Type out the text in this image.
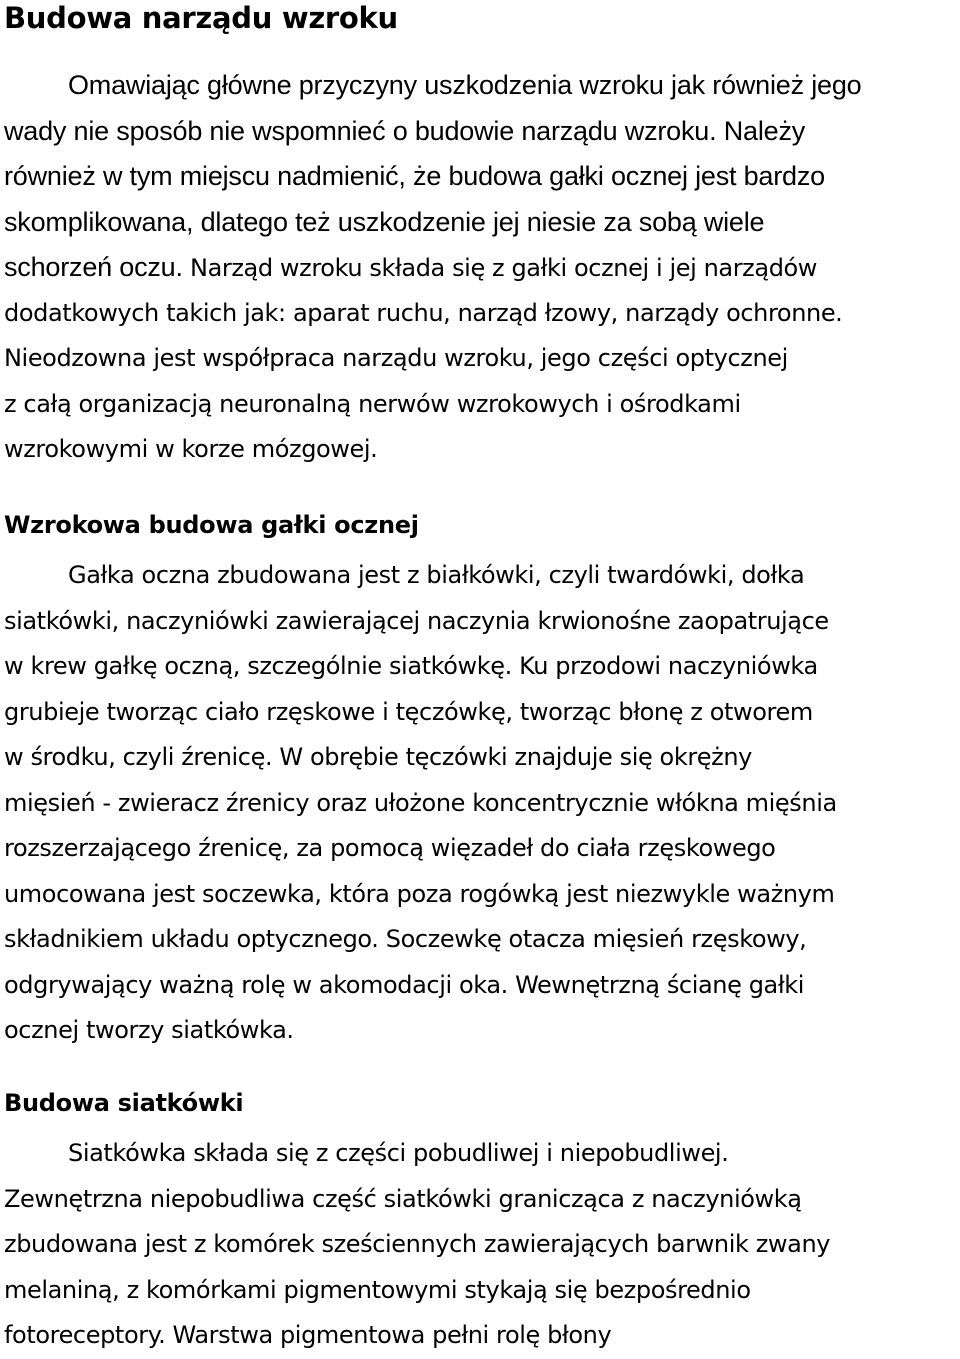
Budowa narządu wzroku
Omawiając główne przyczyny uszkodzenia wzroku jak również jego
wady nie sposób nie wspomnieć o budowie narządu wzroku. Należy
również w tym miejscu nadmienić, że budowa gałki ocznej jest bardzo
skomplikowana, dlatego też uszkodzenie jej niesie za sobą wiele
schorzeń oczu. Narząd wzroku składa się z gałki ocznej i jej narządów
dodatkowych takich jak: aparat ruchu, narząd łzowy, narządy ochronne.
Nieodzowna jest współpraca narządu wzroku, jego części optycznej
z całą organizacją neuronalną nerwów wzrokowych i ośrodkami
wzrokowymi w korze mózgowej.
Wzrokowa budowa gałki ocznej
Gałka oczna zbudowana jest z białkówki, czyli twardówki, dołka
siatkówki, naczyniówki zawierającej naczynia krwionośne zaopatrujące
w krew gałkę oczną, szczególnie siatkówkę. Ku przodowi naczyniówka
grubieje tworząc ciało rzęskowe i tęczówkę, tworząc błonę z otworem
w środku, czyli źrenicę. W obrębie tęczówki znajduje się okrężny
mięsień - zwieracz źrenicy oraz ułożone koncentrycznie włókna mięśnia
rozszerzającego źrenicę, za pomocą więzadeł do ciała rzęskowego
umocowana jest soczewka, która poza rogówką jest niezwykle ważnym
składnikiem układu optycznego. Soczewkę otacza mięsień rzęskowy,
odgrywający ważną rolę w akomodacji oka. Wewnętrzną ścianę gałki
ocznej tworzy siatkówka.
Budowa siatkówki
Siatkówka składa się z części pobudliwej i niepobudliwej.
Zewnętrzna niepobudliwa część siatkówki granicząca z naczyniówką
zbudowana jest z komórek sześciennych zawierających barwnik zwany
melaniną, z komórkami pigmentowymi stykają się bezpośrednio
fotoreceptory. Warstwa pigmentowa pełni rolę błony
